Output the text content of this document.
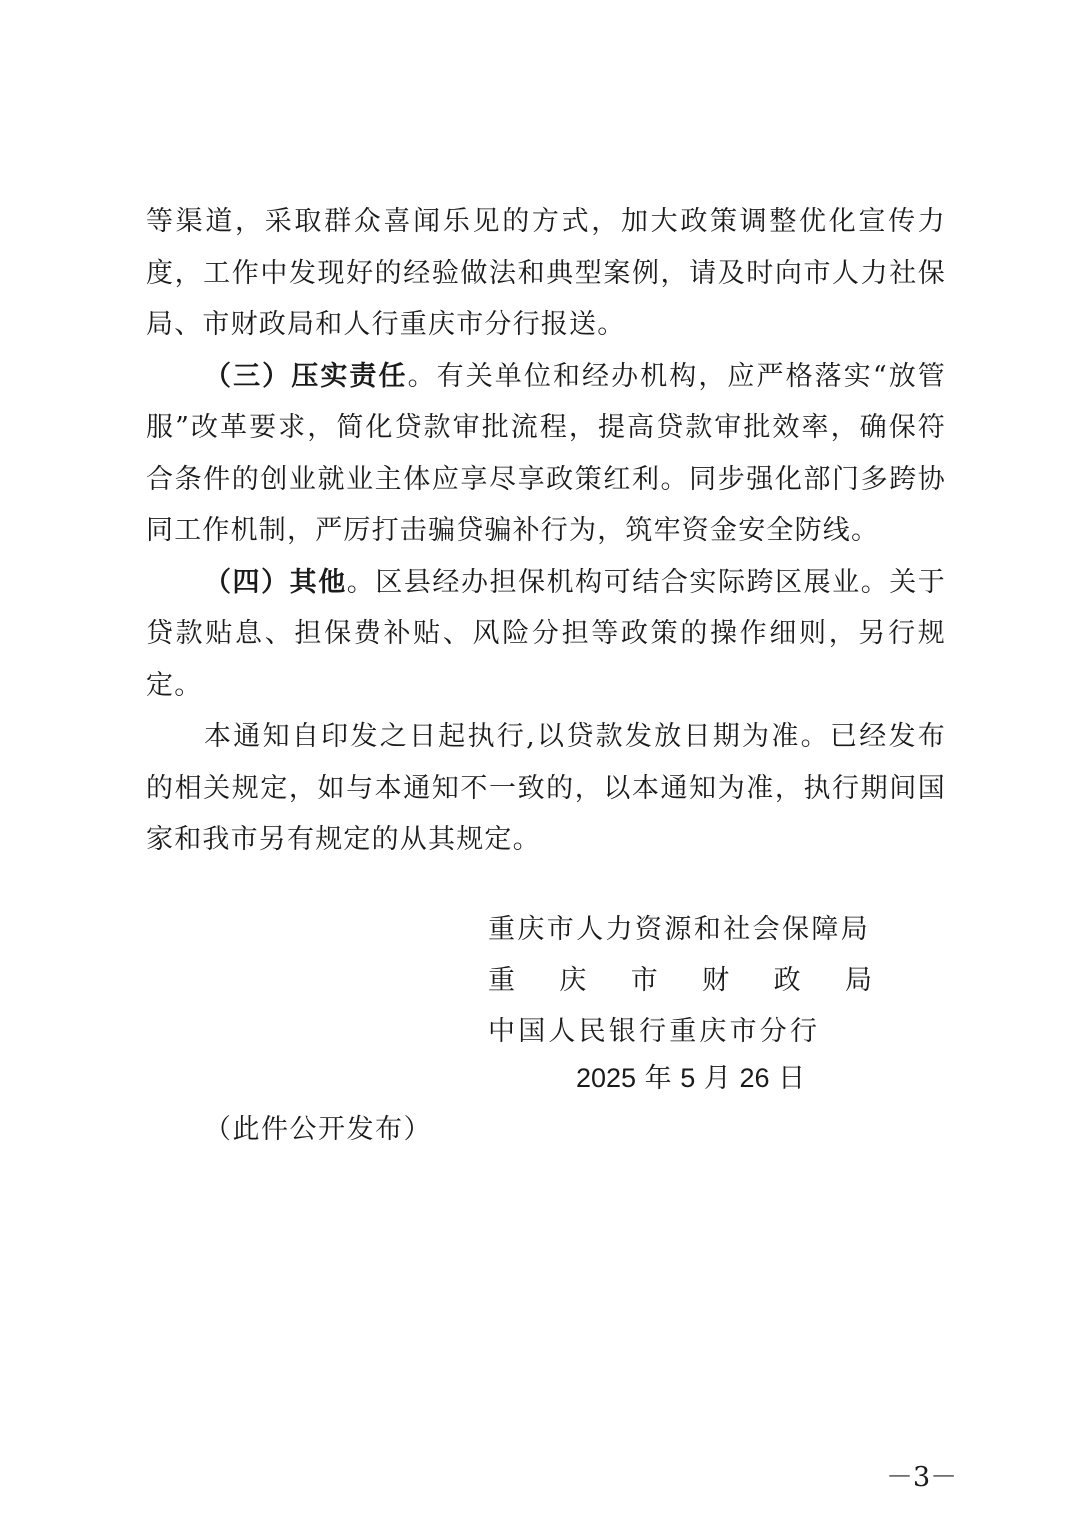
等渠道，采取群众喜闻乐见的方式，加大政策调整优化宣传力度，工作中发现好的经验做法和典型案例，请及时向市人力社保局、市财政局和人行重庆市分行报送。

（三）压实责任。有关单位和经办机构，应严格落实“放管服”改革要求，简化贷款审批流程，提高贷款审批效率，确保符合条件的创业就业主体应享尽享政策红利。同步强化部门多跨协同工作机制，严厉打击骗贷骗补行为，筑牢资金安全防线。

（四）其他。区县经办担保机构可结合实际跨区展业。关于贷款贴息、担保费补贴、风险分担等政策的操作细则，另行规定。

本通知自印发之日起执行,以贷款发放日期为准。已经发布的相关规定，如与本通知不一致的，以本通知为准，执行期间国家和我市另有规定的从其规定。

重庆市人力资源和社会保障局
重 庆 市 财 政 局
中国人民银行重庆市分行
2025 年 5 月 26 日
（此件公开发布）
－3－
